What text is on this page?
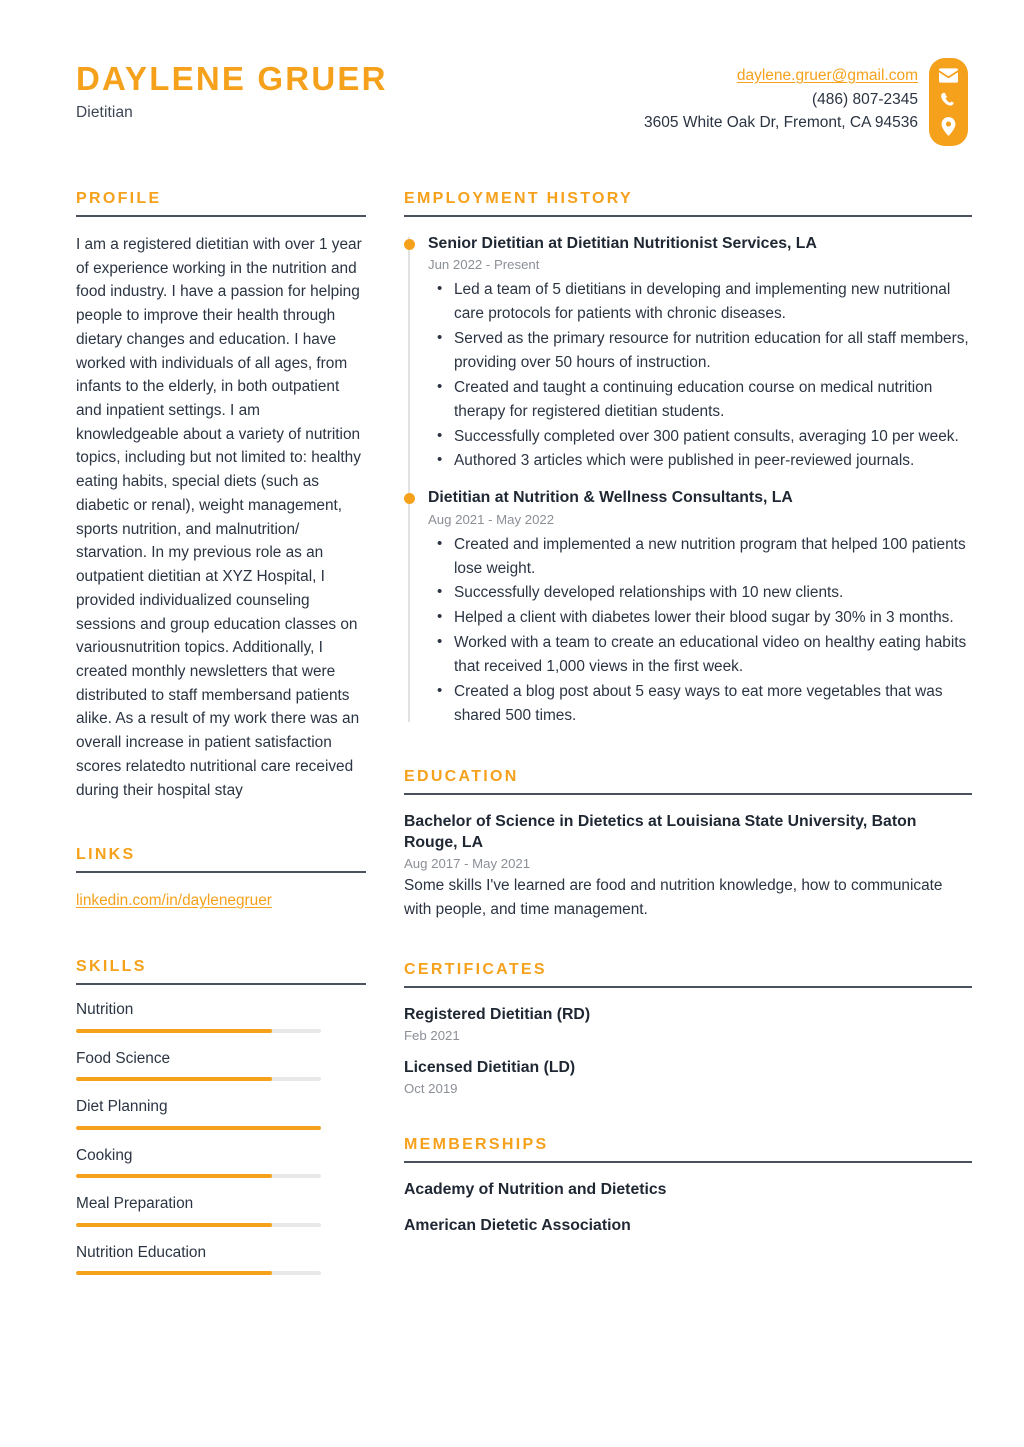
DAYLENE GRUER
Dietitian
daylene.gruer@gmail.com
(486) 807-2345
3605 White Oak Dr, Fremont, CA 94536
PROFILE
I am a registered dietitian with over 1 year of experience working in the nutrition and food industry. I have a passion for helping people to improve their health through dietary changes and education. I have worked with individuals of all ages, from infants to the elderly, in both outpatient and inpatient settings. I am knowledgeable about a variety of nutrition topics, including but not limited to: healthy eating habits, special diets (such as diabetic or renal), weight management, sports nutrition, and malnutrition/ starvation. In my previous role as an outpatient dietitian at XYZ Hospital, I provided individualized counseling sessions and group education classes on variousnutrition topics. Additionally, I created monthly newsletters that were distributed to staff membersand patients alike. As a result of my work there was an overall increase in patient satisfaction scores relatedto nutritional care received during their hospital stay
LINKS
linkedin.com/in/daylenegruer
SKILLS
Nutrition
Food Science
Diet Planning
Cooking
Meal Preparation
Nutrition Education
EMPLOYMENT HISTORY
Senior Dietitian at Dietitian Nutritionist Services, LA
Jun 2022 - Present
• Led a team of 5 dietitians in developing and implementing new nutritional care protocols for patients with chronic diseases.
• Served as the primary resource for nutrition education for all staff members, providing over 50 hours of instruction.
• Created and taught a continuing education course on medical nutrition therapy for registered dietitian students.
• Successfully completed over 300 patient consults, averaging 10 per week.
• Authored 3 articles which were published in peer-reviewed journals.
Dietitian at Nutrition & Wellness Consultants, LA
Aug 2021 - May 2022
• Created and implemented a new nutrition program that helped 100 patients lose weight.
• Successfully developed relationships with 10 new clients.
• Helped a client with diabetes lower their blood sugar by 30% in 3 months.
• Worked with a team to create an educational video on healthy eating habits that received 1,000 views in the first week.
• Created a blog post about 5 easy ways to eat more vegetables that was shared 500 times.
EDUCATION
Bachelor of Science in Dietetics at Louisiana State University, Baton Rouge, LA
Aug 2017 - May 2021
Some skills I've learned are food and nutrition knowledge, how to communicate with people, and time management.
CERTIFICATES
Registered Dietitian (RD)
Feb 2021
Licensed Dietitian (LD)
Oct 2019
MEMBERSHIPS
Academy of Nutrition and Dietetics
American Dietetic Association
